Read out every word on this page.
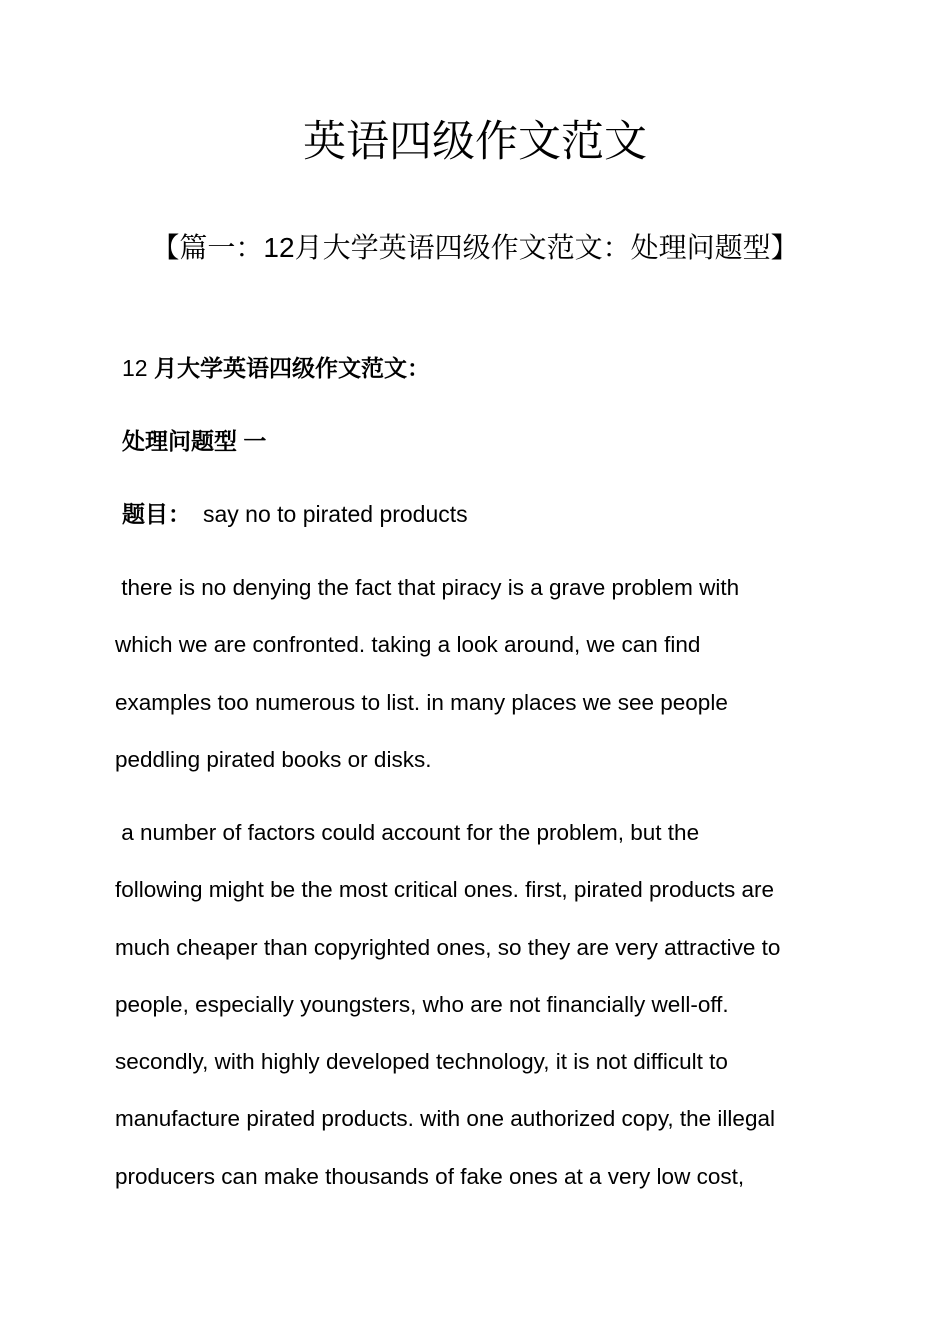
英语四级作文范文
【篇一：12月大学英语四级作文范文：处理问题型】

12 月大学英语四级作文范文：

处理问题型 一

题目： say no to pirated products

there is no denying the fact that piracy is a grave problem with
which we are confronted. taking a look around, we can find
examples too numerous to list. in many places we see people
peddling pirated books or disks.
a number of factors could account for the problem, but the
following might be the most critical ones. first, pirated products are
much cheaper than copyrighted ones, so they are very attractive to
people, especially youngsters, who are not financially well-off.
secondly, with highly developed technology, it is not difficult to
manufacture pirated products. with one authorized copy, the illegal
producers can make thousands of fake ones at a very low cost,
